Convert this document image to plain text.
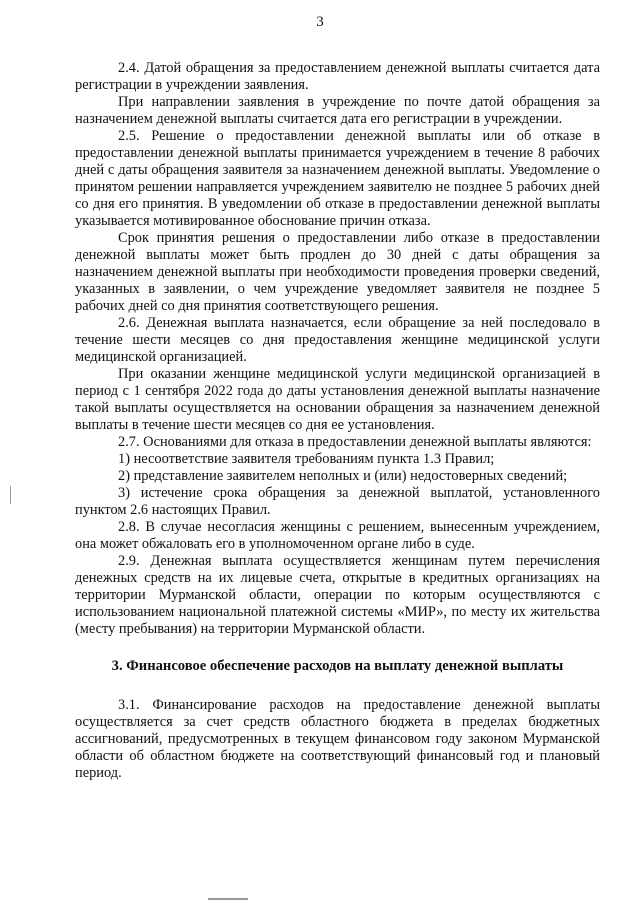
3

2.4. Датой обращения за предоставлением денежной выплаты считается дата регистрации в учреждении заявления.

При направлении заявления в учреждение по почте датой обращения за назначением денежной выплаты считается дата его регистрации в учреждении.

2.5. Решение о предоставлении денежной выплаты или об отказе в предоставлении денежной выплаты принимается учреждением в течение 8 рабочих дней с даты обращения заявителя за назначением денежной выплаты. Уведомление о принятом решении направляется учреждением заявителю не позднее 5 рабочих дней со дня его принятия. В уведомлении об отказе в предоставлении денежной выплаты указывается мотивированное обоснование причин отказа.

Срок принятия решения о предоставлении либо отказе в предоставлении денежной выплаты может быть продлен до 30 дней с даты обращения за назначением денежной выплаты при необходимости проведения проверки сведений, указанных в заявлении, о чем учреждение уведомляет заявителя не позднее 5 рабочих дней со дня принятия соответствующего решения.

2.6. Денежная выплата назначается, если обращение за ней последовало в течение шести месяцев со дня предоставления женщине медицинской услуги медицинской организацией.

При оказании женщине медицинской услуги медицинской организацией в период с 1 сентября 2022 года до даты установления денежной выплаты назначение такой выплаты осуществляется на основании обращения за назначением денежной выплаты в течение шести месяцев со дня ее установления.

2.7. Основаниями для отказа в предоставлении денежной выплаты являются:

1) несоответствие заявителя требованиям пункта 1.3 Правил;

2) представление заявителем неполных и (или) недостоверных сведений;

3) истечение срока обращения за денежной выплатой, установленного пунктом 2.6 настоящих Правил.

2.8. В случае несогласия женщины с решением, вынесенным учреждением, она может обжаловать его в уполномоченном органе либо в суде.

2.9. Денежная выплата осуществляется женщинам путем перечисления денежных средств на их лицевые счета, открытые в кредитных организациях на территории Мурманской области, операции по которым осуществляются с использованием национальной платежной системы «МИР», по месту их жительства (месту пребывания) на территории Мурманской области.

3. Финансовое обеспечение расходов на выплату денежной выплаты

3.1. Финансирование расходов на предоставление денежной выплаты осуществляется за счет средств областного бюджета в пределах бюджетных ассигнований, предусмотренных в текущем финансовом году законом Мурманской области об областном бюджете на соответствующий финансовый год и плановый период.
